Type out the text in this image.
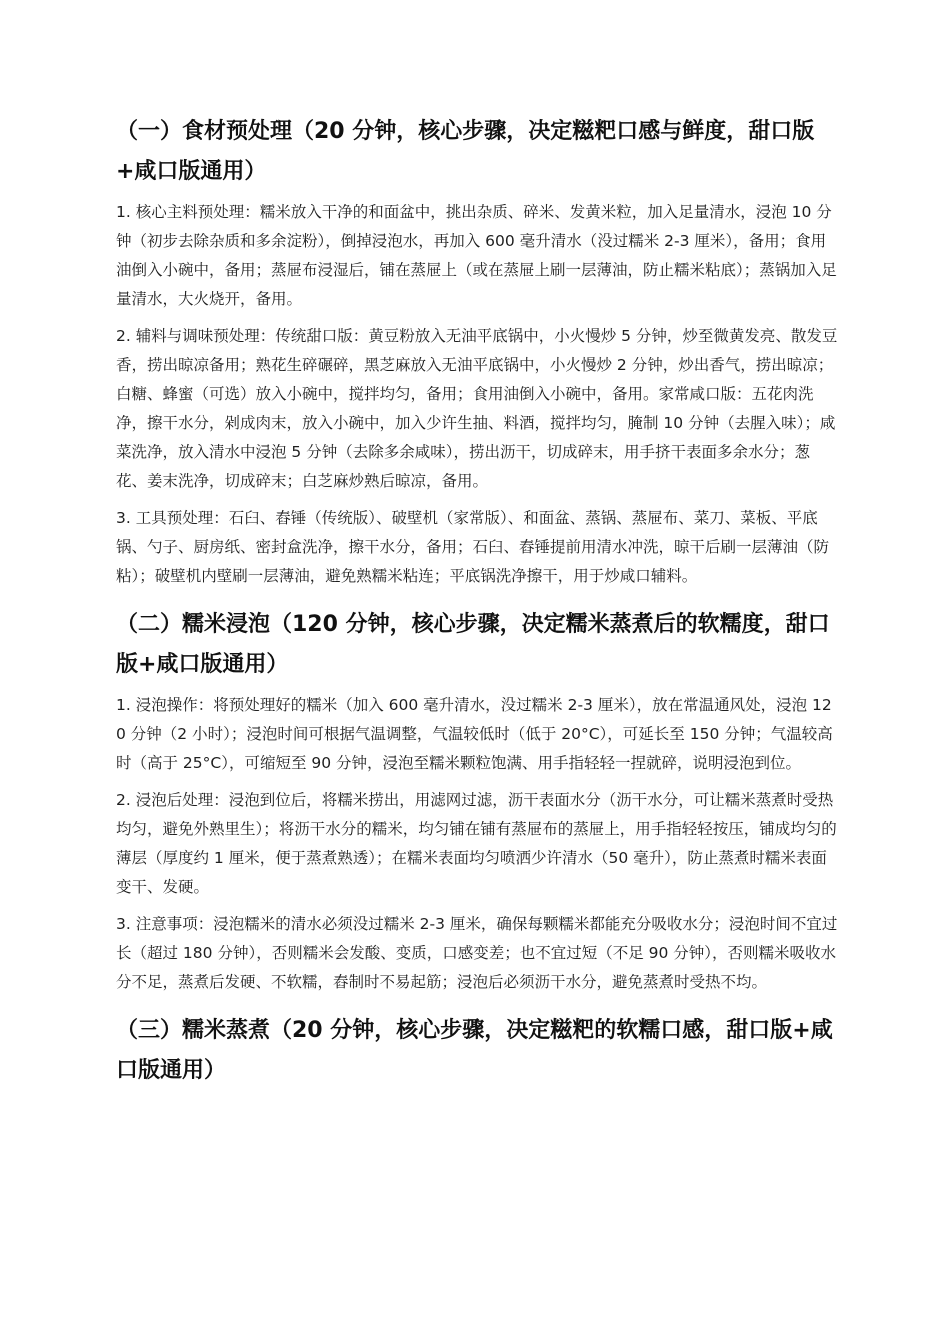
（一）食材预处理（20 分钟，核心步骤，决定糍粑口感与鲜度，甜口版+咸口版通用）

1. 核心主料预处理：糯米放入干净的和面盆中，挑出杂质、碎米、发黄米粒，加入足量清水，浸泡 10 分钟（初步去除杂质和多余淀粉），倒掉浸泡水，再加入 600 毫升清水（没过糯米 2-3 厘米），备用；食用油倒入小碗中，备用；蒸屉布浸湿后，铺在蒸屉上（或在蒸屉上刷一层薄油，防止糯米粘底）；蒸锅加入足量清水，大火烧开，备用。

2. 辅料与调味预处理：传统甜口版：黄豆粉放入无油平底锅中，小火慢炒 5 分钟，炒至微黄发亮、散发豆香，捞出晾凉备用；熟花生碎碾碎，黑芝麻放入无油平底锅中，小火慢炒 2 分钟，炒出香气，捞出晾凉；白糖、蜂蜜（可选）放入小碗中，搅拌均匀，备用；食用油倒入小碗中，备用。家常咸口版：五花肉洗净，擦干水分，剁成肉末，放入小碗中，加入少许生抽、料酒，搅拌均匀，腌制 10 分钟（去腥入味）；咸菜洗净，放入清水中浸泡 5 分钟（去除多余咸味），捞出沥干，切成碎末，用手挤干表面多余水分；葱花、姜末洗净，切成碎末；白芝麻炒熟后晾凉，备用。

3. 工具预处理：石臼、舂锤（传统版）、破壁机（家常版）、和面盆、蒸锅、蒸屉布、菜刀、菜板、平底锅、勺子、厨房纸、密封盒洗净，擦干水分，备用；石臼、舂锤提前用清水冲洗，晾干后刷一层薄油（防粘）；破壁机内壁刷一层薄油，避免熟糯米粘连；平底锅洗净擦干，用于炒咸口辅料。

（二）糯米浸泡（120 分钟，核心步骤，决定糯米蒸煮后的软糯度，甜口版+咸口版通用）

1. 浸泡操作：将预处理好的糯米（加入 600 毫升清水，没过糯米 2-3 厘米），放在常温通风处，浸泡 120 分钟（2 小时）；浸泡时间可根据气温调整，气温较低时（低于 20°C），可延长至 150 分钟；气温较高时（高于 25°C），可缩短至 90 分钟，浸泡至糯米颗粒饱满、用手指轻轻一捏就碎，说明浸泡到位。

2. 浸泡后处理：浸泡到位后，将糯米捞出，用滤网过滤，沥干表面水分（沥干水分，可让糯米蒸煮时受热均匀，避免外熟里生）；将沥干水分的糯米，均匀铺在铺有蒸屉布的蒸屉上，用手指轻轻按压，铺成均匀的薄层（厚度约 1 厘米，便于蒸煮熟透）；在糯米表面均匀喷洒少许清水（50 毫升），防止蒸煮时糯米表面变干、发硬。

3. 注意事项：浸泡糯米的清水必须没过糯米 2-3 厘米，确保每颗糯米都能充分吸收水分；浸泡时间不宜过长（超过 180 分钟），否则糯米会发酸、变质，口感变差；也不宜过短（不足 90 分钟），否则糯米吸收水分不足，蒸煮后发硬、不软糯，舂制时不易起筋；浸泡后必须沥干水分，避免蒸煮时受热不均。

（三）糯米蒸煮（20 分钟，核心步骤，决定糍粑的软糯口感，甜口版+咸口版通用）
